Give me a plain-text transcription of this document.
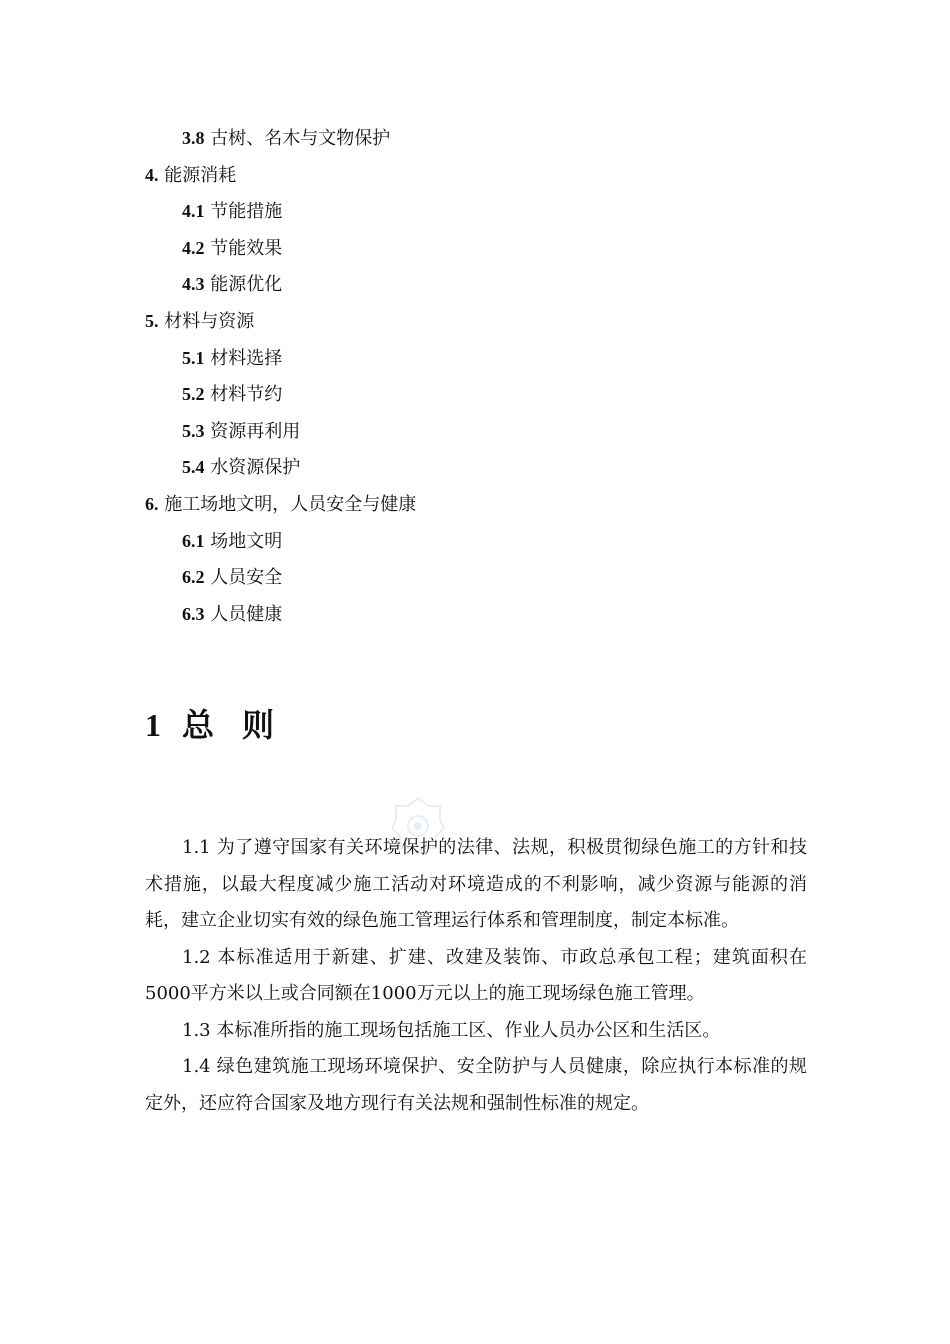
3.8 古树、名木与文物保护
4. 能源消耗
4.1 节能措施
4.2 节能效果
4.3 能源优化
5. 材料与资源
5.1 材料选择
5.2 材料节约
5.3 资源再利用
5.4 水资源保护
6. 施工场地文明，人员安全与健康
6.1 场地文明
6.2 人员安全
6.3 人员健康
1 总则

1.1 为了遵守国家有关环境保护的法律、法规，积极贯彻绿色施工的方针和技术措施，以最大程度减少施工活动对环境造成的不利影响，减少资源与能源的消耗，建立企业切实有效的绿色施工管理运行体系和管理制度，制定本标准。

1.2 本标准适用于新建、扩建、改建及装饰、市政总承包工程；建筑面积在5000平方米以上或合同额在1000万元以上的施工现场绿色施工管理。

1.3 本标准所指的施工现场包括施工区、作业人员办公区和生活区。

1.4 绿色建筑施工现场环境保护、安全防护与人员健康，除应执行本标准的规定外，还应符合国家及地方现行有关法规和强制性标准的规定。
